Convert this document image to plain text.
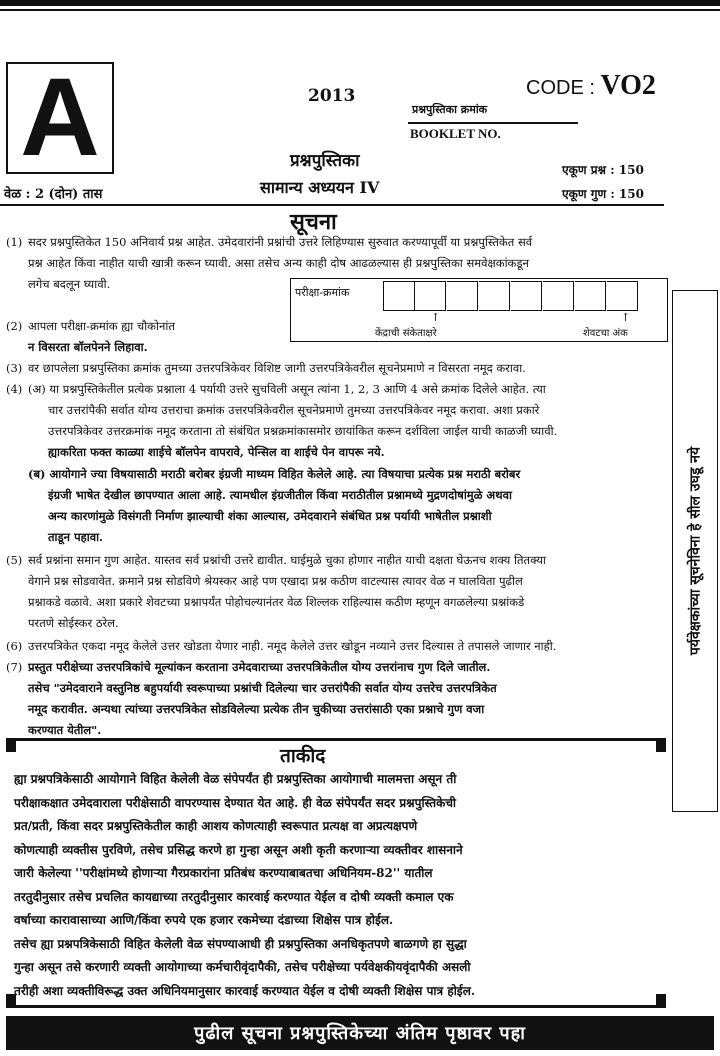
A
वेळ : 2 (दोन) तास
2013	CODE : VO2
प्रश्नपुस्तिका क्रमांक
BOOKLET NO.
प्रश्नपुस्तिका
सामान्य अध्ययन IV
एकूण प्रश्न : 150
एकूण गुण : 150
सूचना
(1) सदर प्रश्नपुस्तिकेत 150 अनिवार्य प्रश्न आहेत. उमेदवारांनी प्रश्नांची उत्तरे लिहिण्यास सुरुवात करण्यापूर्वी या प्रश्नपुस्तिकेत सर्व
प्रश्न आहेत किंवा नाहीत याची खात्री करून घ्यावी. असा तसेच अन्य काही दोष आढळल्यास ही प्रश्नपुस्तिका समवेक्षकांकडून
लगेच बदलून घ्यावी.
परीक्षा-क्रमांक
↑	↑
केंद्राची संकेताक्षरे	शेवटचा अंक
(2) आपला परीक्षा-क्रमांक ह्या चौकोनांत
न विसरता बॉलपेनने लिहावा.
(3) वर छापलेला प्रश्नपुस्तिका क्रमांक तुमच्या उत्तरपत्रिकेवर विशिष्ट जागी उत्तरपत्रिकेवरील सूचनेप्रमाणे न विसरता नमूद करावा.
(4) (अ) या प्रश्नपुस्तिकेतील प्रत्येक प्रश्नाला 4 पर्यायी उत्तरे सुचविली असून त्यांना 1, 2, 3 आणि 4 असे क्रमांक दिलेले आहेत. त्या
चार उत्तरांपैकी सर्वात योग्य उत्तराचा क्रमांक उत्तरपत्रिकेवरील सूचनेप्रमाणे तुमच्या उत्तरपत्रिकेवर नमूद करावा. अशा प्रकारे
उत्तरपत्रिकेवर उत्तरक्रमांक नमूद करताना तो संबंधित प्रश्नक्रमांकासमोर छायांकित करून दर्शविला जाईल याची काळजी घ्यावी.
ह्याकरिता फक्त काळ्या शाईचे बॉलपेन वापरावे, पेन्सिल वा शाईचे पेन वापरू नये.
(ब) आयोगाने ज्या विषयासाठी मराठी बरोबर इंग्रजी माध्यम विहित केलेले आहे. त्या विषयाचा प्रत्येक प्रश्न मराठी बरोबर
इंग्रजी भाषेत देखील छापण्यात आला आहे. त्यामधील इंग्रजीतील किंवा मराठीतील प्रश्नामध्ये मुद्रणदोषांमुळे अथवा
अन्य कारणांमुळे विसंगती निर्माण झाल्याची शंका आल्यास, उमेदवाराने संबंधित प्रश्न पर्यायी भाषेतील प्रश्नाशी
ताडून पहावा.
(5) सर्व प्रश्नांना समान गुण आहेत. यास्तव सर्व प्रश्नांची उत्तरे द्यावीत. घाईमुळे चुका होणार नाहीत याची दक्षता घेऊनच शक्य तितक्या
वेगाने प्रश्न सोडवावेत. क्रमाने प्रश्न सोडविणे श्रेयस्कर आहे पण एखादा प्रश्न कठीण वाटल्यास त्यावर वेळ न घालविता पुढील
प्रश्नाकडे वळावे. अशा प्रकारे शेवटच्या प्रश्नापर्यंत पोहोचल्यानंतर वेळ शिल्लक राहिल्यास कठीण म्हणून वगळलेल्या प्रश्नांकडे
परतणे सोईस्कर ठरेल.
(6) उत्तरपत्रिकेत एकदा नमूद केलेले उत्तर खोडता येणार नाही. नमूद केलेले उत्तर खोडून नव्याने उत्तर दिल्यास ते तपासले जाणार नाही.
(7) प्रस्तुत परीक्षेच्या उत्तरपत्रिकांचे मूल्यांकन करताना उमेदवाराच्या उत्तरपत्रिकेतील योग्य उत्तरांनाच गुण दिले जातील.
तसेच "उमेदवाराने वस्तुनिष्ठ बहुपर्यायी स्वरूपाच्या प्रश्नांची दिलेल्या चार उत्तरांपैकी सर्वात योग्य उत्तरेच उत्तरपत्रिकेत
नमूद करावीत. अन्यथा त्यांच्या उत्तरपत्रिकेत सोडविलेल्या प्रत्येक तीन चुकीच्या उत्तरांसाठी एका प्रश्नाचे गुण वजा
करण्यात येतील".
पर्यवेक्षकांच्या सूचनेविना हे सील उघडू नये
ताकीद
ह्या प्रश्नपत्रिकेसाठी आयोगाने विहित केलेली वेळ संपेपर्यंत ही प्रश्नपुस्तिका आयोगाची मालमत्ता असून ती
परीक्षाकक्षात उमेदवाराला परीक्षेसाठी वापरण्यास देण्यात येत आहे. ही वेळ संपेपर्यंत सदर प्रश्नपुस्तिकेची
प्रत/प्रती, किंवा सदर प्रश्नपुस्तिकेतील काही आशय कोणत्याही स्वरूपात प्रत्यक्ष वा अप्रत्यक्षपणे
कोणत्याही व्यक्तीस पुरविणे, तसेच प्रसिद्ध करणे हा गुन्हा असून अशी कृती करणाऱ्या व्यक्तीवर शासनाने
जारी केलेल्या ''परीक्षांमध्ये होणाऱ्या गैरप्रकारांना प्रतिबंध करण्याबाबतचा अधिनियम-82'' यातील
तरतुदीनुसार तसेच प्रचलित कायद्याच्या तरतुदीनुसार कारवाई करण्यात येईल व दोषी व्यक्ती कमाल एक
वर्षाच्या कारावासाच्या आणि/किंवा रुपये एक हजार रकमेच्या दंडाच्या शिक्षेस पात्र होईल.
तसेच ह्या प्रश्नपत्रिकेसाठी विहित केलेली वेळ संपण्याआधी ही प्रश्नपुस्तिका अनधिकृतपणे बाळगणे हा सुद्धा
गुन्हा असून तसे करणारी व्यक्ती आयोगाच्या कर्मचारीवृंदापैकी, तसेच परीक्षेच्या पर्यवेक्षकीयवृंदापैकी असली
तरीही अशा व्यक्तीविरूद्ध उक्त अधिनियमानुसार कारवाई करण्यात येईल व दोषी व्यक्ती शिक्षेस पात्र होईल.
पुढील सूचना प्रश्नपुस्तिकेच्या अंतिम पृष्ठावर पहा
